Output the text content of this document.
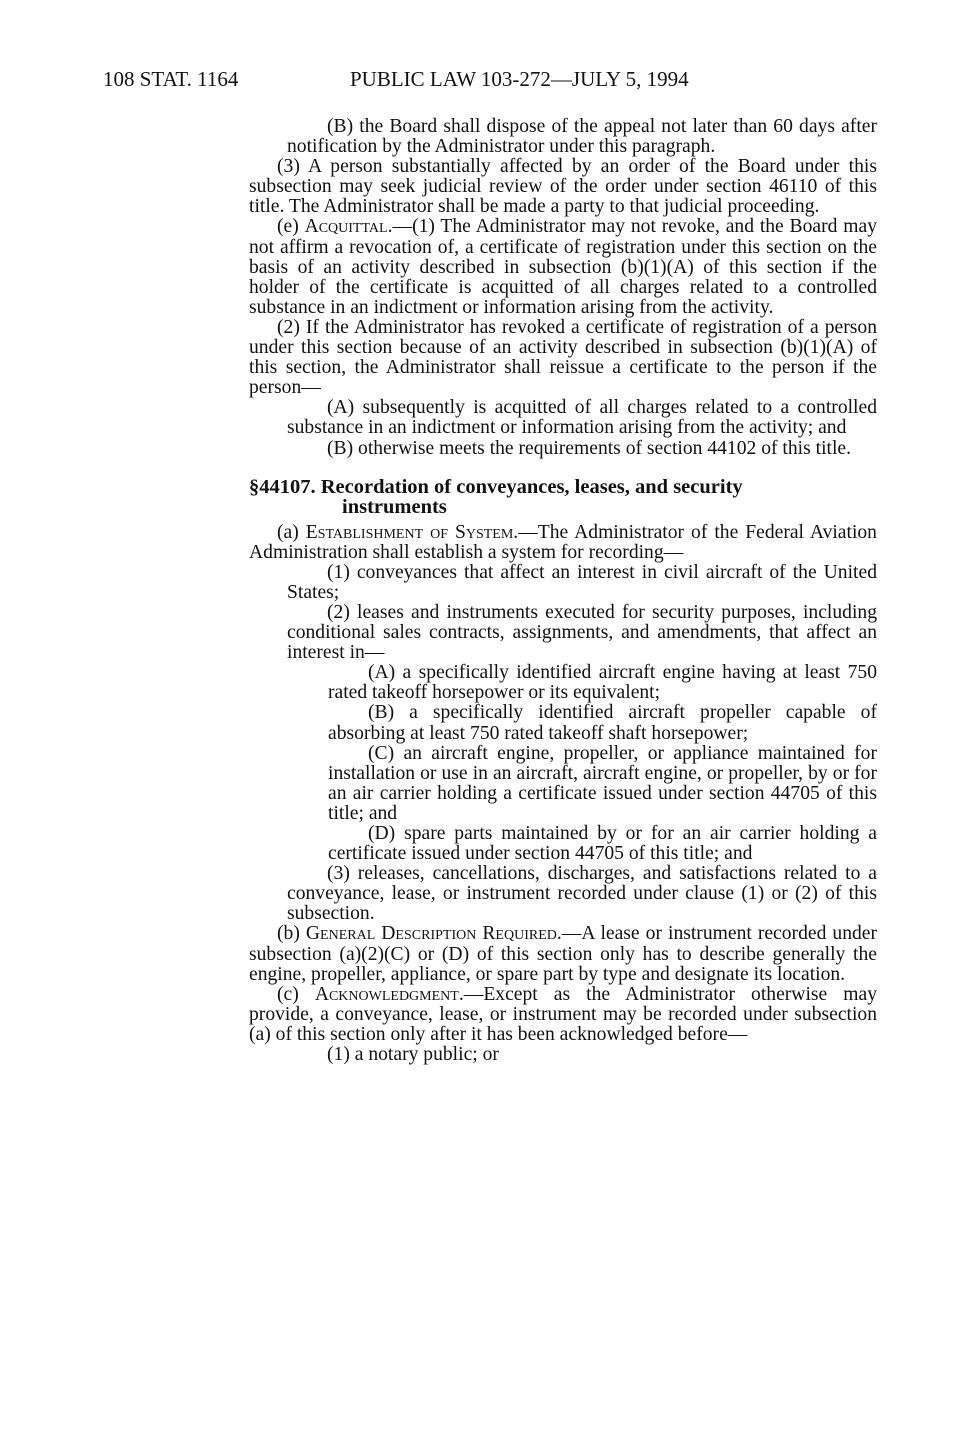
108 STAT. 1164	PUBLIC LAW 103-272—JULY 5, 1994

(B) the Board shall dispose of the appeal not later than 60 days after notification by the Administrator under this paragraph.

(3) A person substantially affected by an order of the Board under this subsection may seek judicial review of the order under section 46110 of this title. The Administrator shall be made a party to that judicial proceeding.

(e) Acquittal.—(1) The Administrator may not revoke, and the Board may not affirm a revocation of, a certificate of registration under this section on the basis of an activity described in subsection (b)(1)(A) of this section if the holder of the certificate is acquitted of all charges related to a controlled substance in an indictment or information arising from the activity.

(2) If the Administrator has revoked a certificate of registration of a person under this section because of an activity described in subsection (b)(1)(A) of this section, the Administrator shall reissue a certificate to the person if the person—

(A) subsequently is acquitted of all charges related to a controlled substance in an indictment or information arising from the activity; and

(B) otherwise meets the requirements of section 44102 of this title.

§44107. Recordation of conveyances, leases, and security
instruments

(a) Establishment of System.—The Administrator of the Federal Aviation Administration shall establish a system for recording—

(1) conveyances that affect an interest in civil aircraft of the United States;

(2) leases and instruments executed for security purposes, including conditional sales contracts, assignments, and amendments, that affect an interest in—

(A) a specifically identified aircraft engine having at least 750 rated takeoff horsepower or its equivalent;

(B) a specifically identified aircraft propeller capable of absorbing at least 750 rated takeoff shaft horsepower;

(C) an aircraft engine, propeller, or appliance maintained for installation or use in an aircraft, aircraft engine, or propeller, by or for an air carrier holding a certificate issued under section 44705 of this title; and

(D) spare parts maintained by or for an air carrier holding a certificate issued under section 44705 of this title; and

(3) releases, cancellations, discharges, and satisfactions related to a conveyance, lease, or instrument recorded under clause (1) or (2) of this subsection.

(b) General Description Required.—A lease or instrument recorded under subsection (a)(2)(C) or (D) of this section only has to describe generally the engine, propeller, appliance, or spare part by type and designate its location.

(c) Acknowledgment.—Except as the Administrator otherwise may provide, a conveyance, lease, or instrument may be recorded under subsection (a) of this section only after it has been acknowledged before—

(1) a notary public; or
